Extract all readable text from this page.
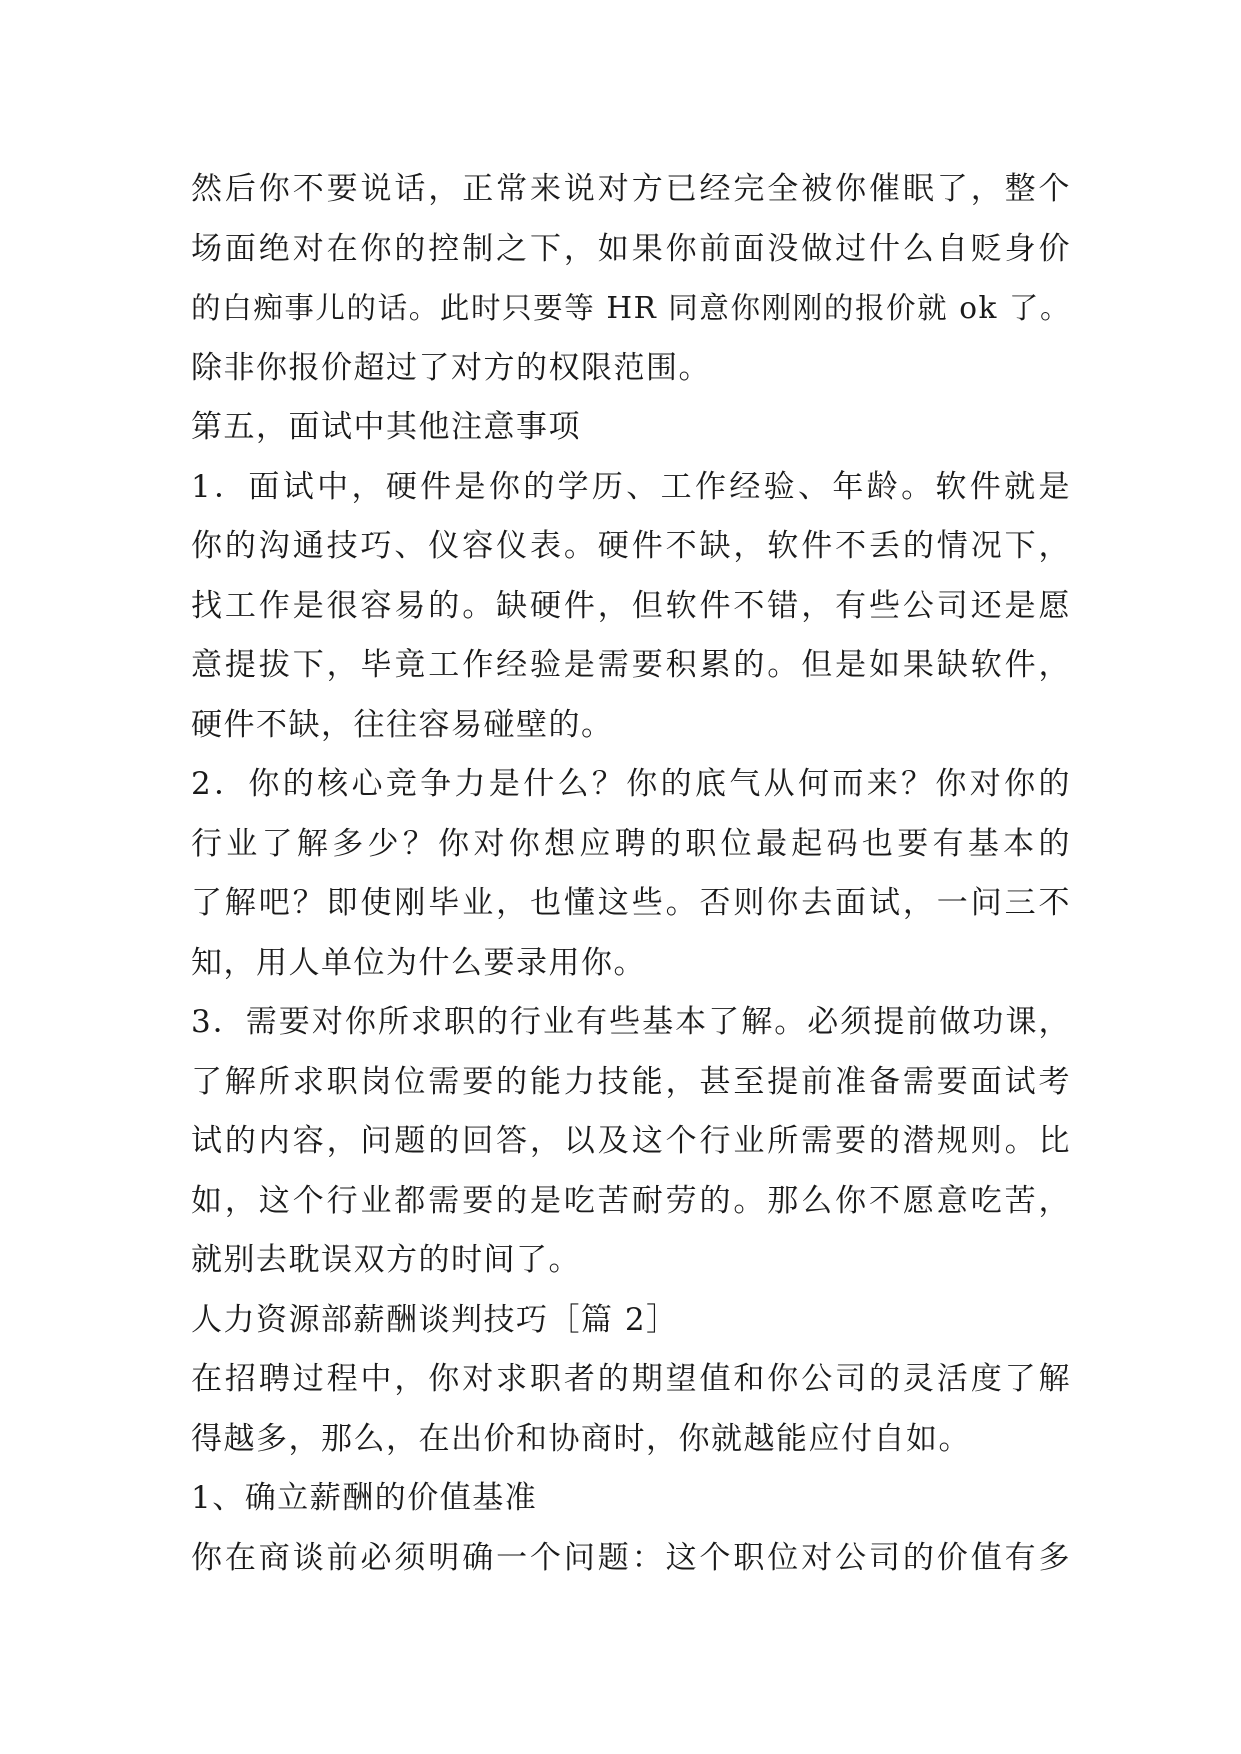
然后你不要说话，正常来说对方已经完全被你催眠了，整个
场面绝对在你的控制之下，如果你前面没做过什么自贬身价
的白痴事儿的话。此时只要等 HR 同意你刚刚的报价就 ok 了。
除非你报价超过了对方的权限范围。
第五，面试中其他注意事项
1．面试中，硬件是你的学历、工作经验、年龄。软件就是
你的沟通技巧、仪容仪表。硬件不缺，软件不丢的情况下，
找工作是很容易的。缺硬件，但软件不错，有些公司还是愿
意提拔下，毕竟工作经验是需要积累的。但是如果缺软件，
硬件不缺，往往容易碰壁的。
2．你的核心竞争力是什么？你的底气从何而来？你对你的
行业了解多少？你对你想应聘的职位最起码也要有基本的
了解吧？即使刚毕业，也懂这些。否则你去面试，一问三不
知，用人单位为什么要录用你。
3．需要对你所求职的行业有些基本了解。必须提前做功课，
了解所求职岗位需要的能力技能，甚至提前准备需要面试考
试的内容，问题的回答，以及这个行业所需要的潜规则。比
如，这个行业都需要的是吃苦耐劳的。那么你不愿意吃苦，
就别去耽误双方的时间了。
人力资源部薪酬谈判技巧［篇 2］
在招聘过程中，你对求职者的期望值和你公司的灵活度了解
得越多，那么，在出价和协商时，你就越能应付自如。
1、确立薪酬的价值基准
你在商谈前必须明确一个问题：这个职位对公司的价值有多
